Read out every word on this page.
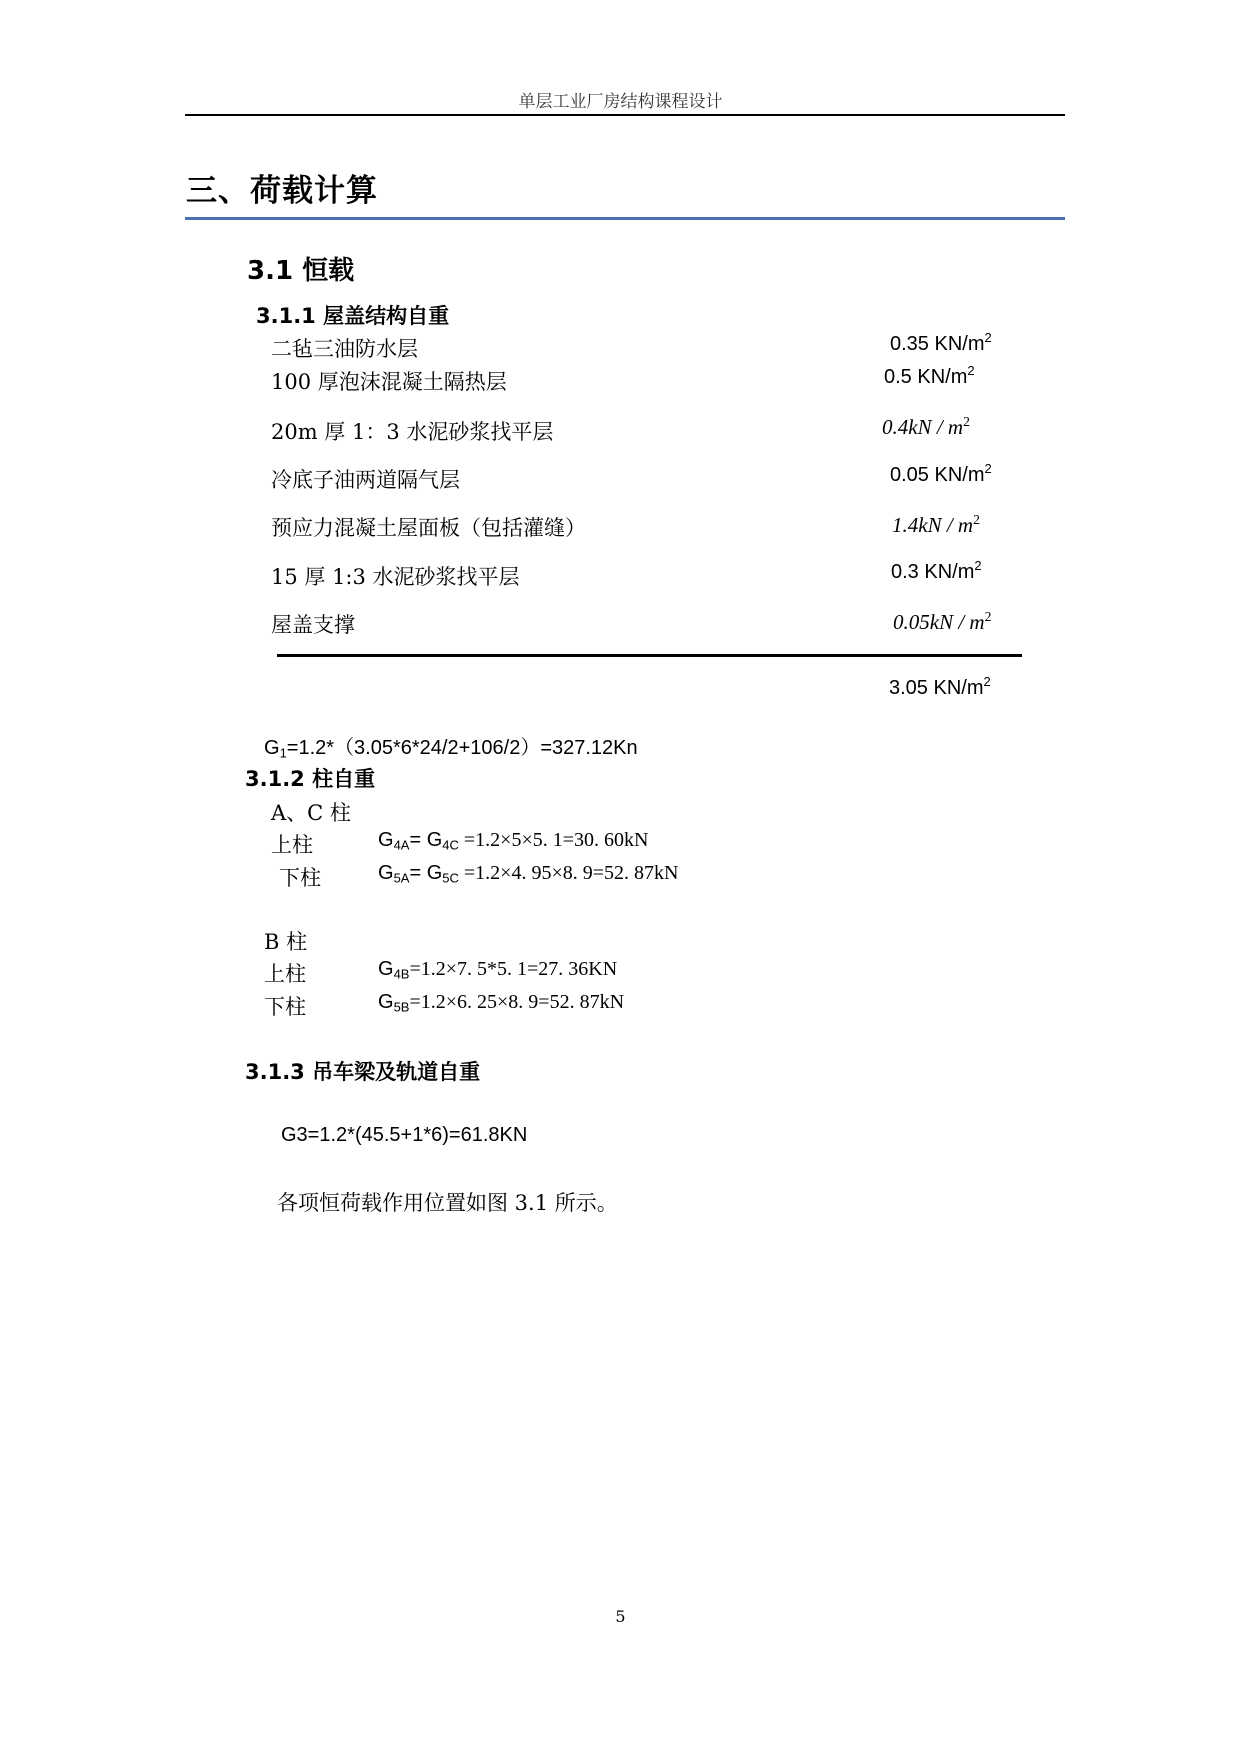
单层工业厂房结构课程设计
三、荷载计算
3.1 恒载
3.1.1 屋盖结构自重
二毡三油防水层	0.35 $KN/m^2$
100 厚泡沫混凝土隔热层	0.5 $KN/m^2$
20m 厚 1：3 水泥砂浆找平层	$0.4kN / m^2$
冷底子油两道隔气层	0.05 $KN/m^2$
预应力混凝土屋面板（包括灌缝）	$1.4kN / m^2$
15 厚 1:3 水泥砂浆找平层	0.3 $KN/m^2$
屋盖支撑	$0.05kN / m^2$
3.05 $KN/m^2$
$G_1=1.2*(3.05*6*24/2+106/2)=327.12Kn$
3.1.2 柱自重
A、C 柱
上柱	$G_{4A}= G_{4C} =1.2\times 5\times 5$. 1=30. 60kN
下柱	$G_{5A}= G_{5C} =1.2\times 4$. 95×8. 9=52. 87kN
B 柱
上柱	$G_{4B}=1.2\times 7$. 5*5. 1=27. 36KN
下柱	$G_{5B}=1.2\times 6$. 25×8. 9=52. 87kN
3.1.3 吊车梁及轨道自重
G3=1.2*(45.5+1*6)=61.8KN
各项恒荷载作用位置如图 3.1 所示。
5
